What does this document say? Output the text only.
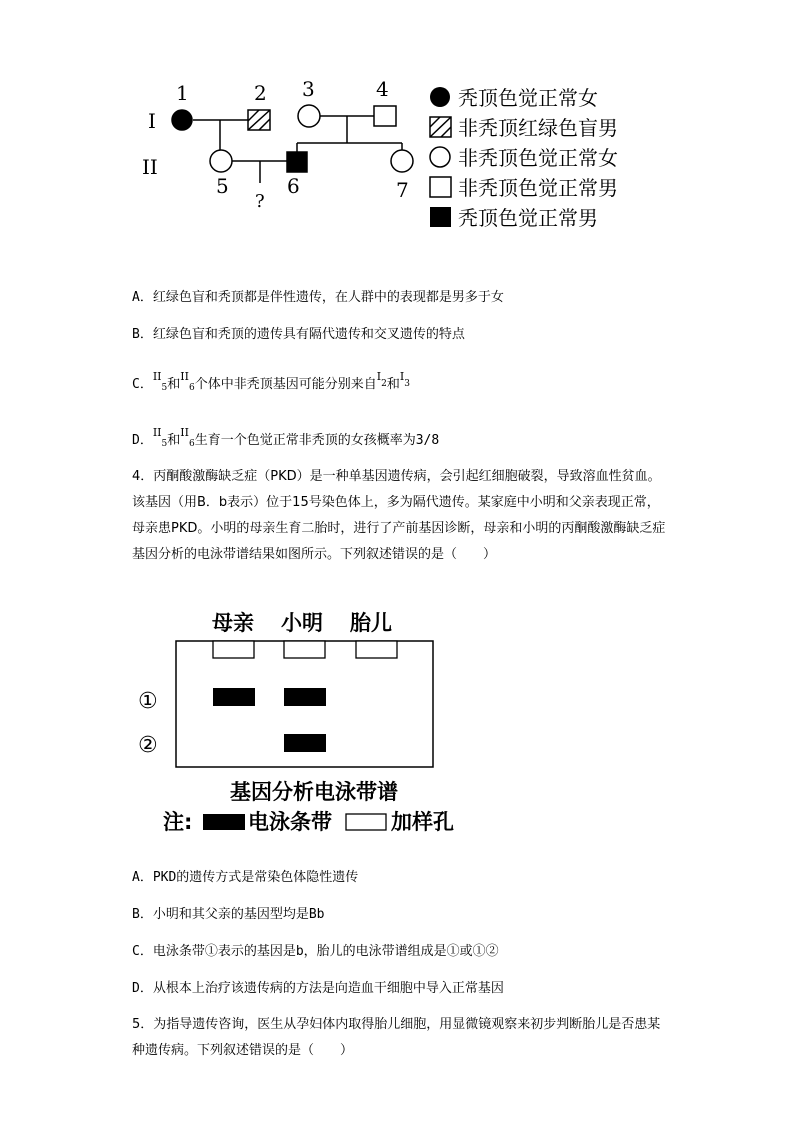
I
II
1	2 3	4
5	6	7
?
秃顶色觉正常女
非秃顶红绿色盲男
非秃顶色觉正常女
非秃顶色觉正常男
秃顶色觉正常男
A．红绿色盲和秃顶都是伴性遗传，在人群中的表现都是男多于女
B．红绿色盲和秃顶的遗传具有隔代遗传和交叉遗传的特点
C．$^{II}$5和$^{II}$6个体中非秃顶基因可能分别来自$^I$2和$^I$3
D．$^{II}$5和$^{II}$6生育一个色觉正常非秃顶的女孩概率为3/8
4．丙酮酸激酶缺乏症（PKD）是一种单基因遗传病，会引起红细胞破裂，导致溶血性贫血。该基因（用B．b表示）位于15号染色体上，多为隔代遗传。某家庭中小明和父亲表现正常，母亲患PKD。小明的母亲生育二胎时，进行了产前基因诊断，母亲和小明的丙酮酸激酶缺乏症基因分析的电泳带谱结果如图所示。下列叙述错误的是（　　）
母亲 小明 胎儿
①
②
基因分析电泳带谱
注:	电泳条带	加样孔
A．PKD的遗传方式是常染色体隐性遗传
B．小明和其父亲的基因型均是Bb
C．电泳条带①表示的基因是b，胎儿的电泳带谱组成是①或①②
D．从根本上治疗该遗传病的方法是向造血干细胞中导入正常基因
5．为指导遗传咨询，医生从孕妇体内取得胎儿细胞，用显微镜观察来初步判断胎儿是否患某种遗传病。下列叙述错误的是（　　）
